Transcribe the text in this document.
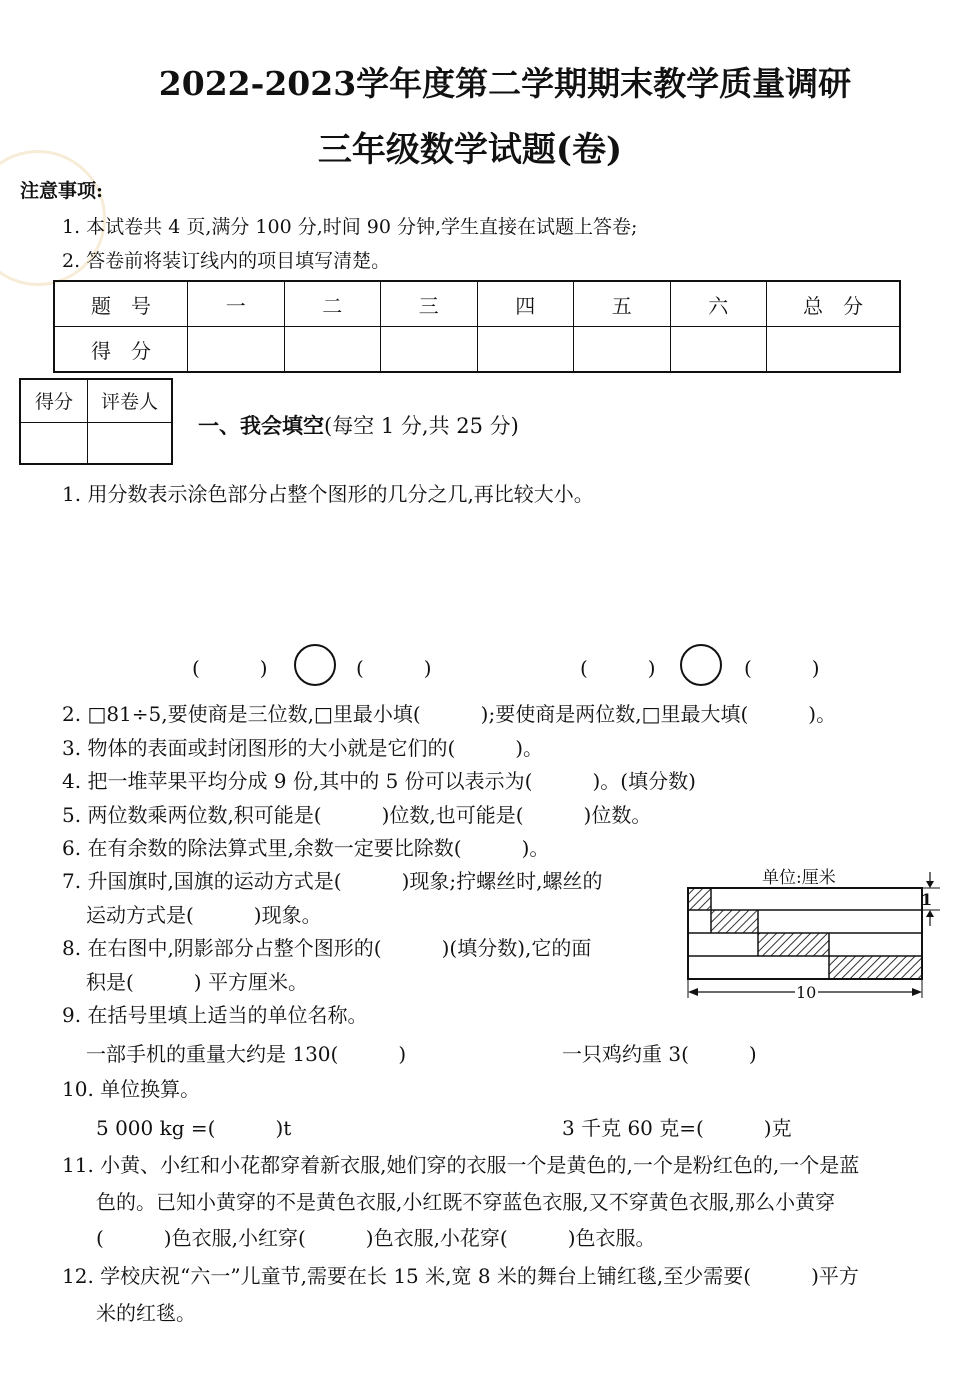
2022-2023学年度第二学期期末教学质量调研
三年级数学试题(卷)
注意事项:
1. 本试卷共 4 页,满分 100 分,时间 90 分钟,学生直接在试题上答卷;
2. 答卷前将装订线内的项目填写清楚。
题　号	一	二	三	四	五	六	总　分
得　分							
得分	评卷人

一、我会填空(每空 1 分,共 25 分)
1. 用分数表示涂色部分占整个图形的几分之几,再比较大小。
(　　　)	(　　　)	(　　　)	(　　　)
2. □81÷5,要使商是三位数,□里最小填(　　　);要使商是两位数,□里最大填(　　　)。
3. 物体的表面或封闭图形的大小就是它们的(　　　)。
4. 把一堆苹果平均分成 9 份,其中的 5 份可以表示为(　　　)。(填分数)
5. 两位数乘两位数,积可能是(　　　)位数,也可能是(　　　)位数。
6. 在有余数的除法算式里,余数一定要比除数(　　　)。
7. 升国旗时,国旗的运动方式是(　　　)现象;拧螺丝时,螺丝的
运动方式是(　　　)现象。
8. 在右图中,阴影部分占整个图形的(　　　)(填分数),它的面
积是(　　　) 平方厘米。
单位:厘米
1
10
9. 在括号里填上适当的单位名称。
一部手机的重量大约是 130(　　　)	一只鸡约重 3(　　　)
10. 单位换算。
5 000 kg =(　　　)t	3 千克 60 克=(　　　)克
11. 小黄、小红和小花都穿着新衣服,她们穿的衣服一个是黄色的,一个是粉红色的,一个是蓝
色的。已知小黄穿的不是黄色衣服,小红既不穿蓝色衣服,又不穿黄色衣服,那么小黄穿
(　　　)色衣服,小红穿(　　　)色衣服,小花穿(　　　)色衣服。
12. 学校庆祝“六一”儿童节,需要在长 15 米,宽 8 米的舞台上铺红毯,至少需要(　　　)平方
米的红毯。
